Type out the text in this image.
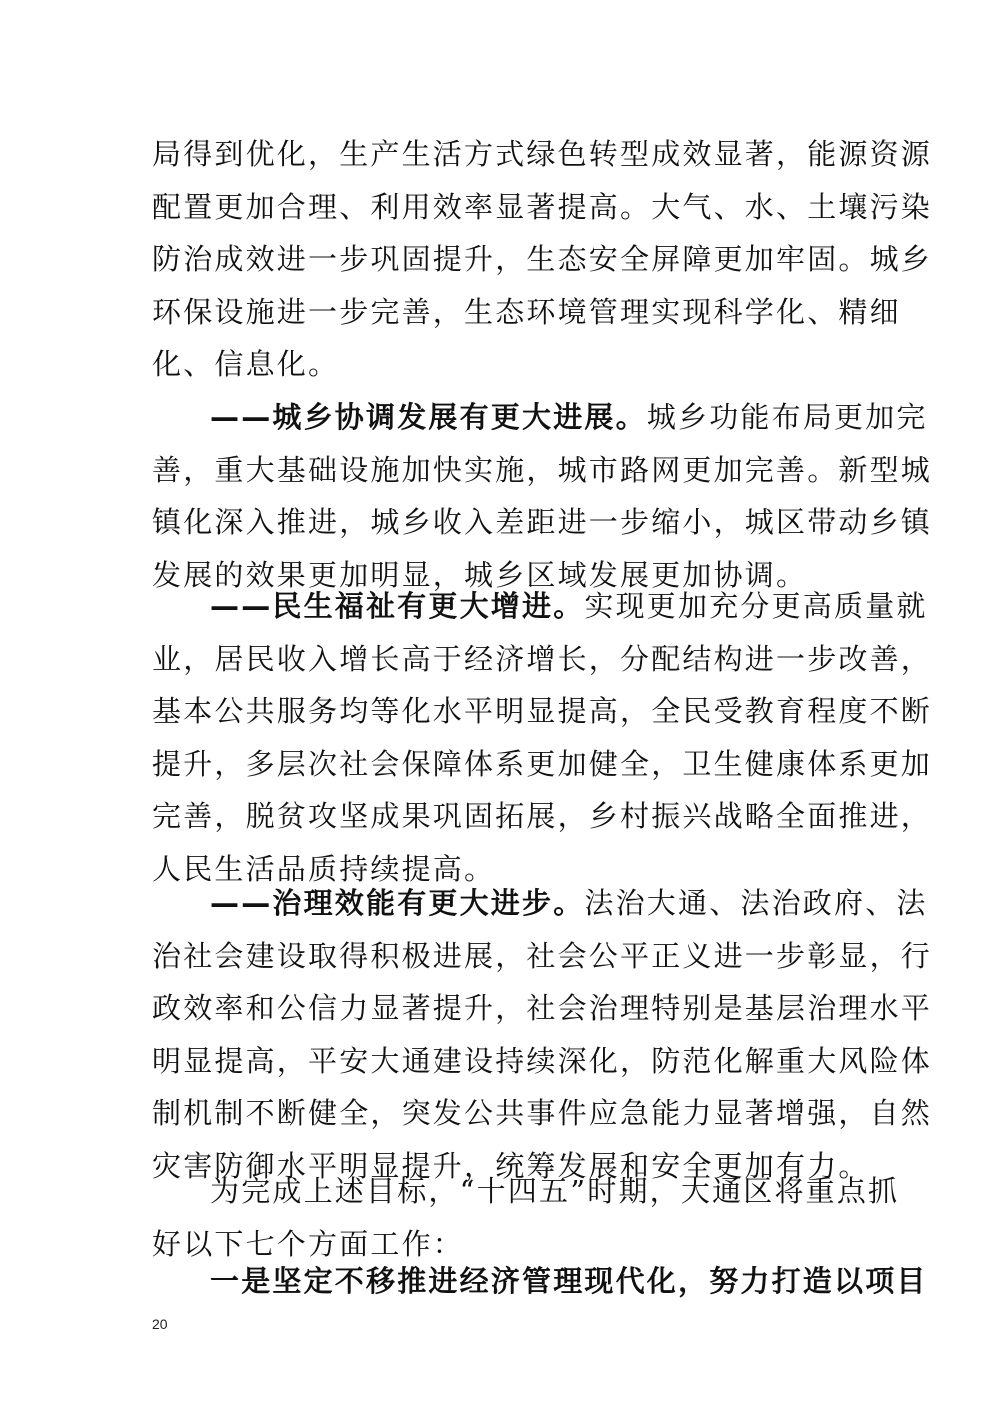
局得到优化，生产生活方式绿色转型成效显著，能源资源
配置更加合理、利用效率显著提高。大气、水、土壤污染
防治成效进一步巩固提升，生态安全屏障更加牢固。城乡
环保设施进一步完善，生态环境管理实现科学化、精细
化、信息化。
——城乡协调发展有更大进展。城乡功能布局更加完
善，重大基础设施加快实施，城市路网更加完善。新型城
镇化深入推进，城乡收入差距进一步缩小，城区带动乡镇
发展的效果更加明显，城乡区域发展更加协调。
——民生福祉有更大增进。实现更加充分更高质量就
业，居民收入增长高于经济增长，分配结构进一步改善，
基本公共服务均等化水平明显提高，全民受教育程度不断
提升，多层次社会保障体系更加健全，卫生健康体系更加
完善，脱贫攻坚成果巩固拓展，乡村振兴战略全面推进，
人民生活品质持续提高。
——治理效能有更大进步。法治大通、法治政府、法
治社会建设取得积极进展，社会公平正义进一步彰显，行
政效率和公信力显著提升，社会治理特别是基层治理水平
明显提高，平安大通建设持续深化，防范化解重大风险体
制机制不断健全，突发公共事件应急能力显著增强，自然
灾害防御水平明显提升，统筹发展和安全更加有力。
为完成上述目标，“十四五”时期，大通区将重点抓
好以下七个方面工作：
一是坚定不移推进经济管理现代化，努力打造以项目
20
